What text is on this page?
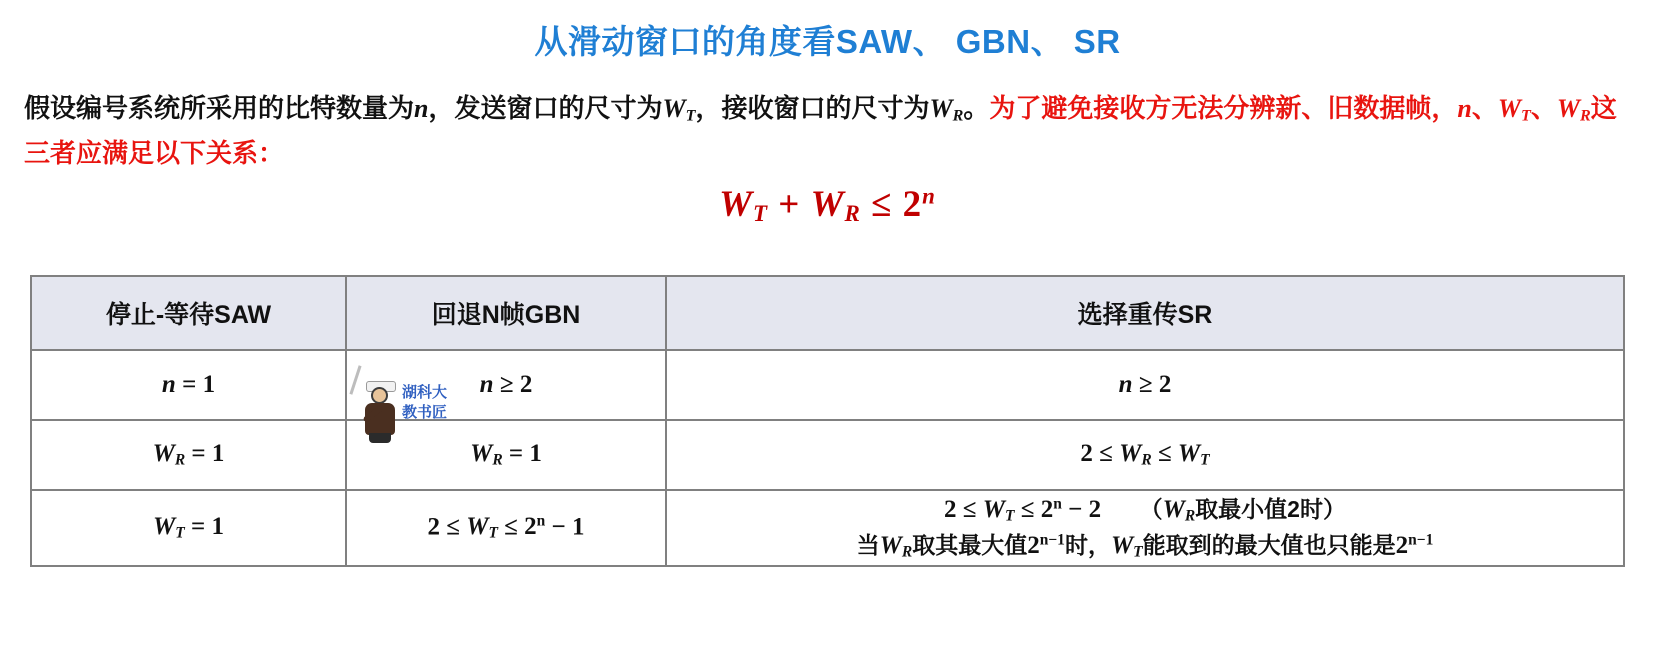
从滑动窗口的角度看SAW、 GBN、 SR
假设编号系统所采用的比特数量为n，发送窗口的尺寸为$W_T$，接收窗口的尺寸为$W_R$。为了避免接收方无法分辨新、旧数据帧，n、$W_T$、$W_R$这三者应满足以下关系：
湖科大
教书匠
$W_T + W_R \le 2^n$
停止-等待SAW	回退N帧GBN	选择重传SR
n = 1	n ≥ 2	n ≥ 2
$W_R = 1$	$W_R = 1$	$2 \le W_R \le W_T$
$W_T = 1$	$2 \le W_T \le 2^n - 1$	$2 \le W_T \le 2^n - 2$ （$W_R$取最小值2时）
当$W_R$取其最大值$2^{n-1}$时，$W_T$能取到的最大值也只能是$2^{n-1}$
